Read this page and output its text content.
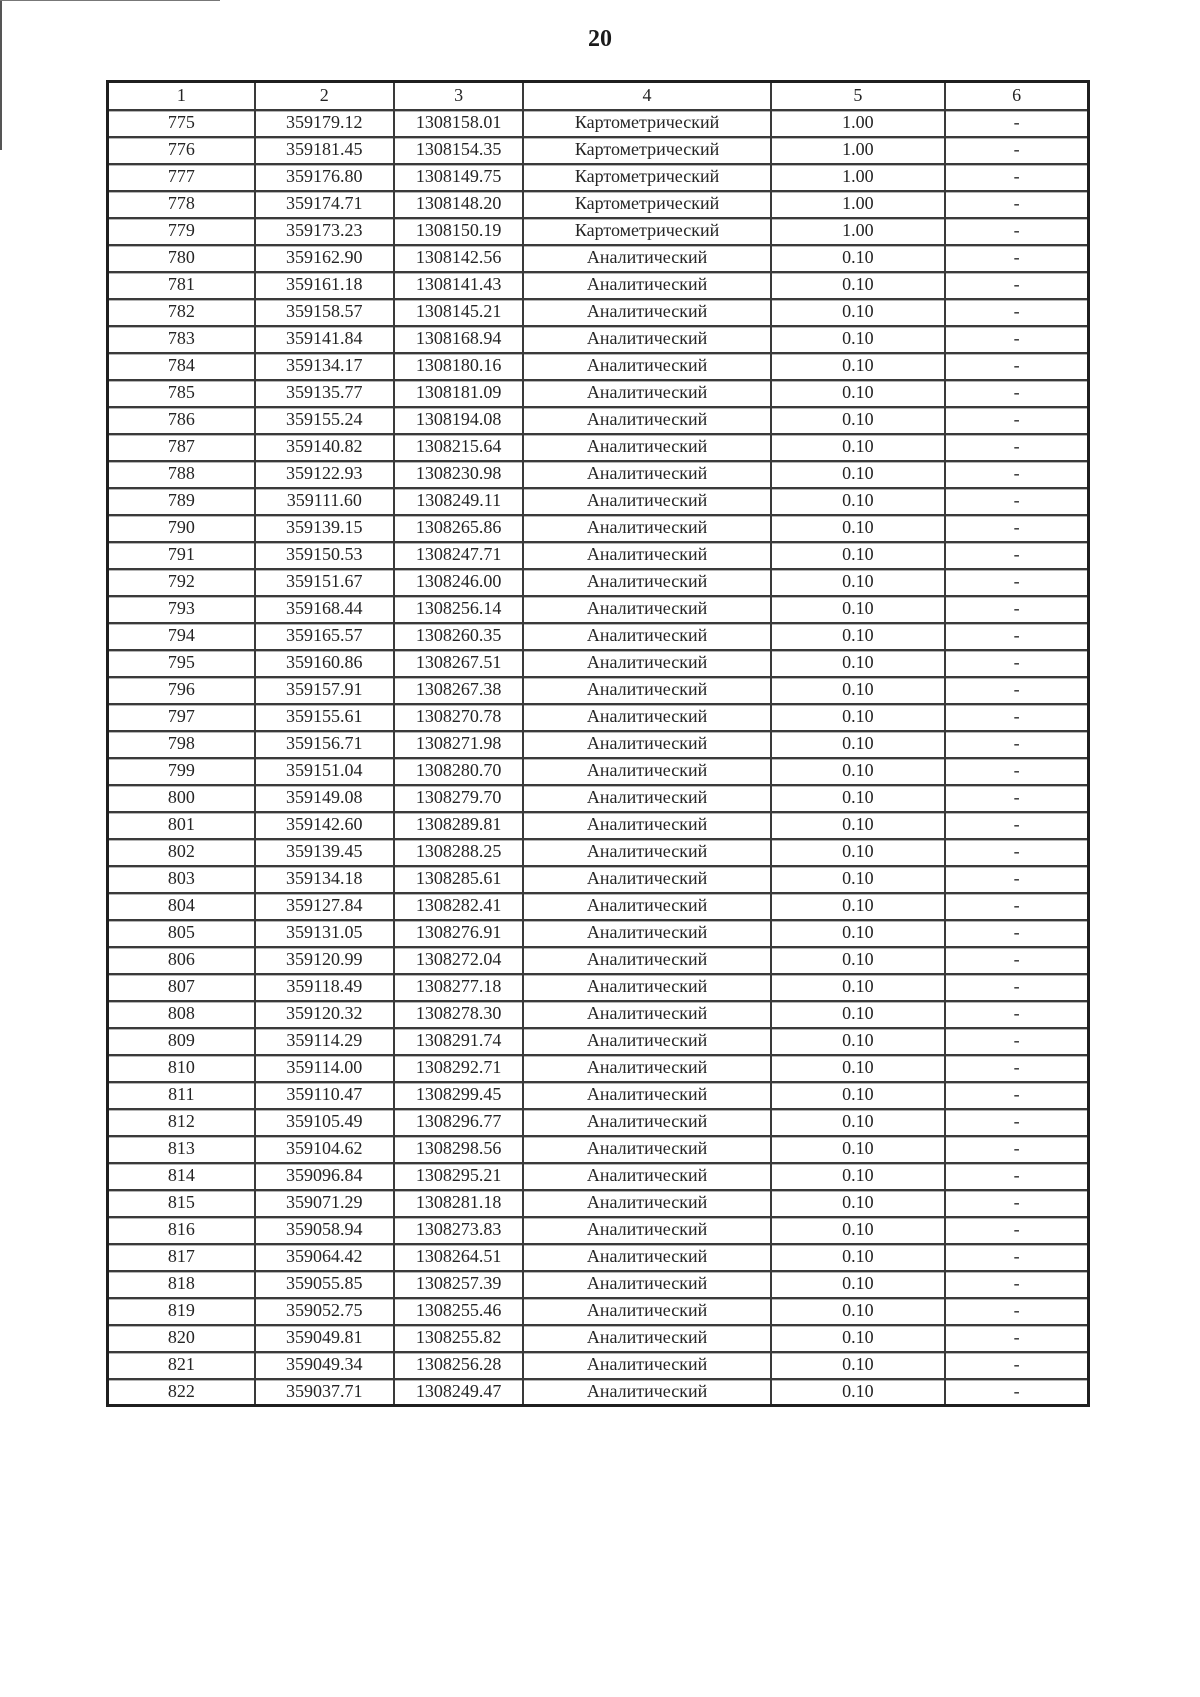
20
1	2	3	4	5	6
775	359179.12	1308158.01	Картометрический	1.00	-
776	359181.45	1308154.35	Картометрический	1.00	-
777	359176.80	1308149.75	Картометрический	1.00	-
778	359174.71	1308148.20	Картометрический	1.00	-
779	359173.23	1308150.19	Картометрический	1.00	-
780	359162.90	1308142.56	Аналитический	0.10	-
781	359161.18	1308141.43	Аналитический	0.10	-
782	359158.57	1308145.21	Аналитический	0.10	-
783	359141.84	1308168.94	Аналитический	0.10	-
784	359134.17	1308180.16	Аналитический	0.10	-
785	359135.77	1308181.09	Аналитический	0.10	-
786	359155.24	1308194.08	Аналитический	0.10	-
787	359140.82	1308215.64	Аналитический	0.10	-
788	359122.93	1308230.98	Аналитический	0.10	-
789	359111.60	1308249.11	Аналитический	0.10	-
790	359139.15	1308265.86	Аналитический	0.10	-
791	359150.53	1308247.71	Аналитический	0.10	-
792	359151.67	1308246.00	Аналитический	0.10	-
793	359168.44	1308256.14	Аналитический	0.10	-
794	359165.57	1308260.35	Аналитический	0.10	-
795	359160.86	1308267.51	Аналитический	0.10	-
796	359157.91	1308267.38	Аналитический	0.10	-
797	359155.61	1308270.78	Аналитический	0.10	-
798	359156.71	1308271.98	Аналитический	0.10	-
799	359151.04	1308280.70	Аналитический	0.10	-
800	359149.08	1308279.70	Аналитический	0.10	-
801	359142.60	1308289.81	Аналитический	0.10	-
802	359139.45	1308288.25	Аналитический	0.10	-
803	359134.18	1308285.61	Аналитический	0.10	-
804	359127.84	1308282.41	Аналитический	0.10	-
805	359131.05	1308276.91	Аналитический	0.10	-
806	359120.99	1308272.04	Аналитический	0.10	-
807	359118.49	1308277.18	Аналитический	0.10	-
808	359120.32	1308278.30	Аналитический	0.10	-
809	359114.29	1308291.74	Аналитический	0.10	-
810	359114.00	1308292.71	Аналитический	0.10	-
811	359110.47	1308299.45	Аналитический	0.10	-
812	359105.49	1308296.77	Аналитический	0.10	-
813	359104.62	1308298.56	Аналитический	0.10	-
814	359096.84	1308295.21	Аналитический	0.10	-
815	359071.29	1308281.18	Аналитический	0.10	-
816	359058.94	1308273.83	Аналитический	0.10	-
817	359064.42	1308264.51	Аналитический	0.10	-
818	359055.85	1308257.39	Аналитический	0.10	-
819	359052.75	1308255.46	Аналитический	0.10	-
820	359049.81	1308255.82	Аналитический	0.10	-
821	359049.34	1308256.28	Аналитический	0.10	-
822	359037.71	1308249.47	Аналитический	0.10	-
